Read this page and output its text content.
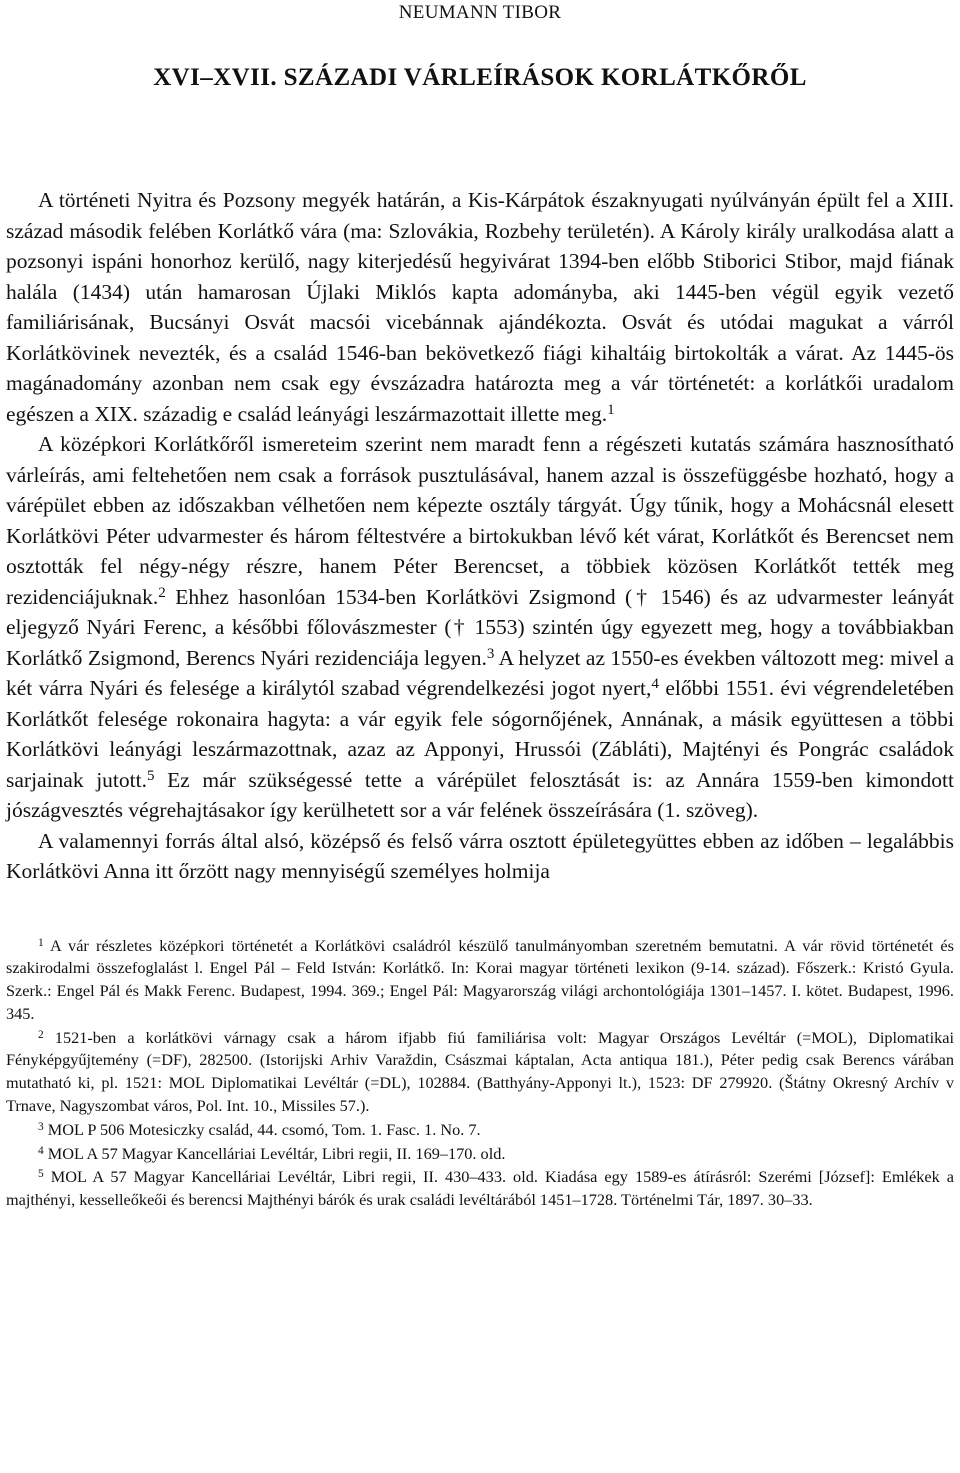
NEUMANN TIBOR
XVI–XVII. SZÁZADI VÁRLEÍRÁSOK KORLÁTKŐRŐL

A történeti Nyitra és Pozsony megyék határán, a Kis-Kárpátok északnyugati nyúlványán épült fel a XIII. század második felében Korlátkő vára (ma: Szlovákia, Rozbehy területén). A Károly király uralkodása alatt a pozsonyi ispáni honorhoz kerülő, nagy kiterjedésű hegyivárat 1394-ben előbb Stiborici Stibor, majd fiának halála (1434) után hamarosan Újlaki Miklós kapta adományba, aki 1445-ben végül egyik vezető familiárisának, Bucsányi Osvát macsói vicebánnak ajándékozta. Osvát és utódai magukat a várról Korlátkövinek nevezték, és a család 1546-ban bekövetkező fiági kihaltáig birtokolták a várat. Az 1445-ös magánadomány azonban nem csak egy évszázadra határozta meg a vár történetét: a korlátkői uradalom egészen a XIX. századig e család leányági leszármazottait illette meg.$^1$

A középkori Korlátkőről ismereteim szerint nem maradt fenn a régészeti kutatás számára hasznosítható várleírás, ami feltehetően nem csak a források pusztulásával, hanem azzal is összefüggésbe hozható, hogy a várépület ebben az időszakban vélhetően nem képezte osztály tárgyát. Úgy tűnik, hogy a Mohácsnál elesett Korlátkövi Péter udvarmester és három féltestvére a birtokukban lévő két várat, Korlátkőt és Berencset nem osztották fel négy-négy részre, hanem Péter Berencset, a többiek közösen Korlátkőt tették meg rezidenciájuknak.$^2$ Ehhez hasonlóan 1534-ben Korlátkövi Zsigmond († 1546) és az udvarmester leányát eljegyző Nyári Ferenc, a későbbi főlovászmester († 1553) szintén úgy egyezett meg, hogy a továbbiakban Korlátkő Zsigmond, Berencs Nyári rezidenciája legyen.$^3$ A helyzet az 1550-es években változott meg: mivel a két várra Nyári és felesége a királytól szabad végrendelkezési jogot nyert,$^4$ előbbi 1551. évi végrendeletében Korlátkőt felesége rokonaira hagyta: a vár egyik fele sógornőjének, Annának, a másik együttesen a többi Korlátkövi leányági leszármazottnak, azaz az Apponyi, Hrussói (Zábláti), Majtényi és Pongrác családok sarjainak jutott.$^5$ Ez már szükségessé tette a várépület felosztását is: az Annára 1559-ben kimondott jószágvesztés végrehajtásakor így kerülhetett sor a vár felének összeírására (1. szöveg).

A valamennyi forrás által alsó, középső és felső várra osztott épületegyüttes ebben az időben – legalábbis Korlátkövi Anna itt őrzött nagy mennyiségű személyes holmija

$^1$ A vár részletes középkori történetét a Korlátkövi családról készülő tanulmányomban szeretném bemutatni. A vár rövid történetét és szakirodalmi összefoglalást l. Engel Pál – Feld István: Korlátkő. In: Korai magyar történeti lexikon (9-14. század). Főszerk.: Kristó Gyula. Szerk.: Engel Pál és Makk Ferenc. Budapest, 1994. 369.; Engel Pál: Magyarország világi archontológiája 1301–1457. I. kötet. Budapest, 1996. 345.

$^2$ 1521-ben a korlátkövi várnagy csak a három ifjabb fiú familiárisa volt: Magyar Országos Levéltár (=MOL), Diplomatikai Fényképgyűjtemény (=DF), 282500. (Istorijski Arhiv Varaždin, Császmai káptalan, Acta antiqua 181.), Péter pedig csak Berencs várában mutatható ki, pl. 1521: MOL Diplomatikai Levéltár (=DL), 102884. (Batthyány-Apponyi lt.), 1523: DF 279920. (Štátny Okresný Archív v Trnave, Nagyszombat város, Pol. Int. 10., Missiles 57.).

$^3$ MOL P 506 Motesiczky család, 44. csomó, Tom. 1. Fasc. 1. No. 7.

$^4$ MOL A 57 Magyar Kancelláriai Levéltár, Libri regii, II. 169–170. old.

$^5$ MOL A 57 Magyar Kancelláriai Levéltár, Libri regii, II. 430–433. old. Kiadása egy 1589-es átírásról: Szerémi [József]: Emlékek a majthényi, kesselleőkeői és berencsi Majthényi bárók és urak családi levéltárából 1451–1728. Történelmi Tár, 1897. 30–33.
